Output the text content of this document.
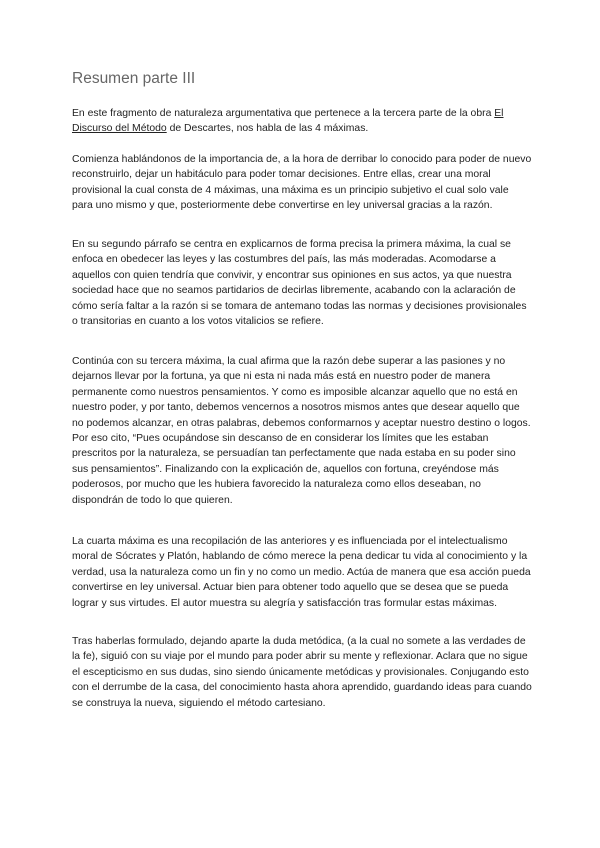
Resumen parte III

En este fragmento de naturaleza argumentativa que pertenece a la tercera parte de la obra El Discurso del Método de Descartes, nos habla de las 4 máximas.

Comienza hablándonos de la importancia de, a la hora de derribar lo conocido para poder de nuevo reconstruirlo, dejar un habitáculo para poder tomar decisiones. Entre ellas, crear una moral provisional la cual consta de 4 máximas, una máxima es un principio subjetivo el cual solo vale para uno mismo y que, posteriormente debe convertirse en ley universal gracias a la razón.

En su segundo párrafo se centra en explicarnos de forma precisa la primera máxima, la cual se enfoca en obedecer las leyes y las costumbres del país, las más moderadas. Acomodarse a aquellos con quien tendría que convivir, y encontrar sus opiniones en sus actos, ya que nuestra sociedad hace que no seamos partidarios de decirlas libremente, acabando con la aclaración de cómo sería faltar a la razón si se tomara de antemano todas las normas y decisiones provisionales o transitorias en cuanto a los votos vitalicios se refiere.

Continúa con su tercera máxima, la cual afirma que la razón debe superar a las pasiones y no dejarnos llevar por la fortuna, ya que ni esta ni nada más está en nuestro poder de manera permanente como nuestros pensamientos. Y como es imposible alcanzar aquello que no está en nuestro poder, y por tanto, debemos vencernos a nosotros mismos antes que desear aquello que no podemos alcanzar, en otras palabras, debemos conformarnos y aceptar nuestro destino o logos. Por eso cito, “Pues ocupándose sin descanso de en considerar los límites que les estaban prescritos por la naturaleza, se persuadían tan perfectamente que nada estaba en su poder sino sus pensamientos”. Finalizando con la explicación de, aquellos con fortuna, creyéndose más poderosos, por mucho que les hubiera favorecido la naturaleza como ellos deseaban, no dispondrán de todo lo que quieren.

La cuarta máxima es una recopilación de las anteriores y es influenciada por el intelectualismo moral de Sócrates y Platón, hablando de cómo merece la pena dedicar tu vida al conocimiento y la verdad, usa la naturaleza como un fin y no como un medio. Actúa de manera que esa acción pueda convertirse en ley universal. Actuar bien para obtener todo aquello que se desea que se pueda lograr y sus virtudes. El autor muestra su alegría y satisfacción tras formular estas máximas.

Tras haberlas formulado, dejando aparte la duda metódica, (a la cual no somete a las verdades de la fe), siguió con su viaje por el mundo para poder abrir su mente y reflexionar. Aclara que no sigue el escepticismo en sus dudas, sino siendo únicamente metódicas y provisionales. Conjugando esto con el derrumbe de la casa, del conocimiento hasta ahora aprendido, guardando ideas para cuando se construya la nueva, siguiendo el método cartesiano.
